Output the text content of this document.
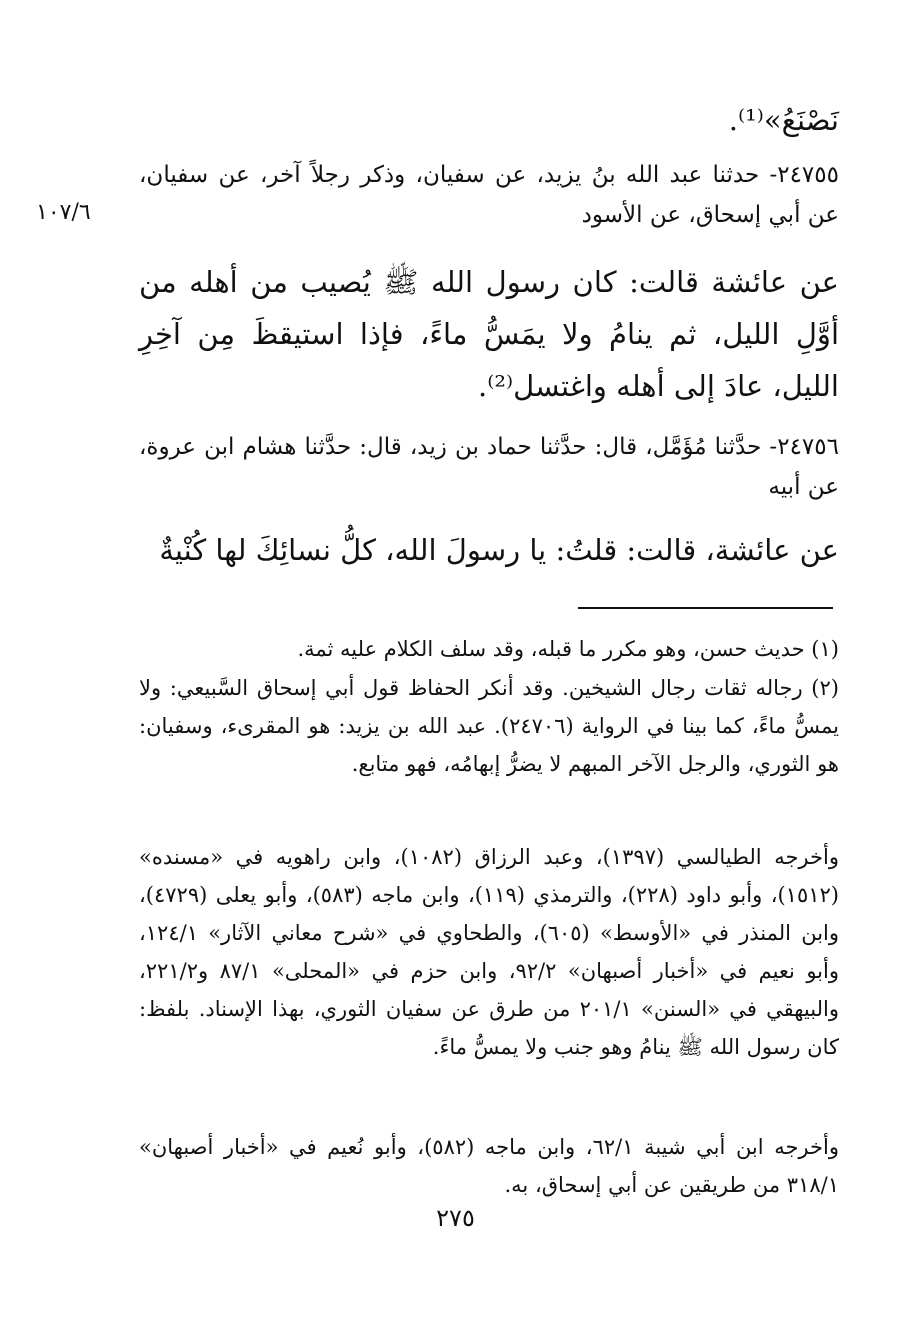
١٠٧/٦
نَصْنَعُ»⁽¹⁾.
٢٤٧٥٥- حدثنا عبد الله بنُ يزيد، عن سفيان، وذكر رجلاً آخر، عن سفيان، عن أبي إسحاق، عن الأسود
عن عائشة قالت: كان رسول الله ﷺ يُصيب من أهله من أوَّلِ الليل، ثم ينامُ ولا يمَسُّ ماءً، فإذا استيقظَ مِن آخِرِ الليل، عادَ إلى أهله واغتسل⁽²⁾.
٢٤٧٥٦- حدَّثنا مُؤَمَّل، قال: حدَّثنا حماد بن زيد، قال: حدَّثنا هشام ابن عروة، عن أبيه
عن عائشة، قالت: قلتُ: يا رسولَ الله، كلُّ نسائِكَ لها كُنْيةٌ
(١) حديث حسن، وهو مكرر ما قبله، وقد سلف الكلام عليه ثمة.
(٢) رجاله ثقات رجال الشيخين. وقد أنكر الحفاظ قول أبي إسحاق السَّبيعي: ولا يمسُّ ماءً، كما بينا في الرواية (٢٤٧٠٦). عبد الله بن يزيد: هو المقرىء، وسفيان: هو الثوري، والرجل الآخر المبهم لا يضرُّ إبهامُه، فهو متابع.
وأخرجه الطيالسي (١٣٩٧)، وعبد الرزاق (١٠٨٢)، وابن راهويه في «مسنده» (١٥١٢)، وأبو داود (٢٢٨)، والترمذي (١١٩)، وابن ماجه (٥٨٣)، وأبو يعلى (٤٧٢٩)، وابن المنذر في «الأوسط» (٦٠٥)، والطحاوي في «شرح معاني الآثار» ١٢٤/١، وأبو نعيم في «أخبار أصبهان» ٩٢/٢، وابن حزم في «المحلى» ٨٧/١ و٢٢١/٢، والبيهقي في «السنن» ٢٠١/١ من طرق عن سفيان الثوري، بهذا الإسناد. بلفظ: كان رسول الله ﷺ ينامُ وهو جنب ولا يمسُّ ماءً.
وأخرجه ابن أبي شيبة ٦٢/١، وابن ماجه (٥٨٢)، وأبو نُعيم في «أخبار أصبهان» ٣١٨/١ من طريقين عن أبي إسحاق، به.
٢٧٥
